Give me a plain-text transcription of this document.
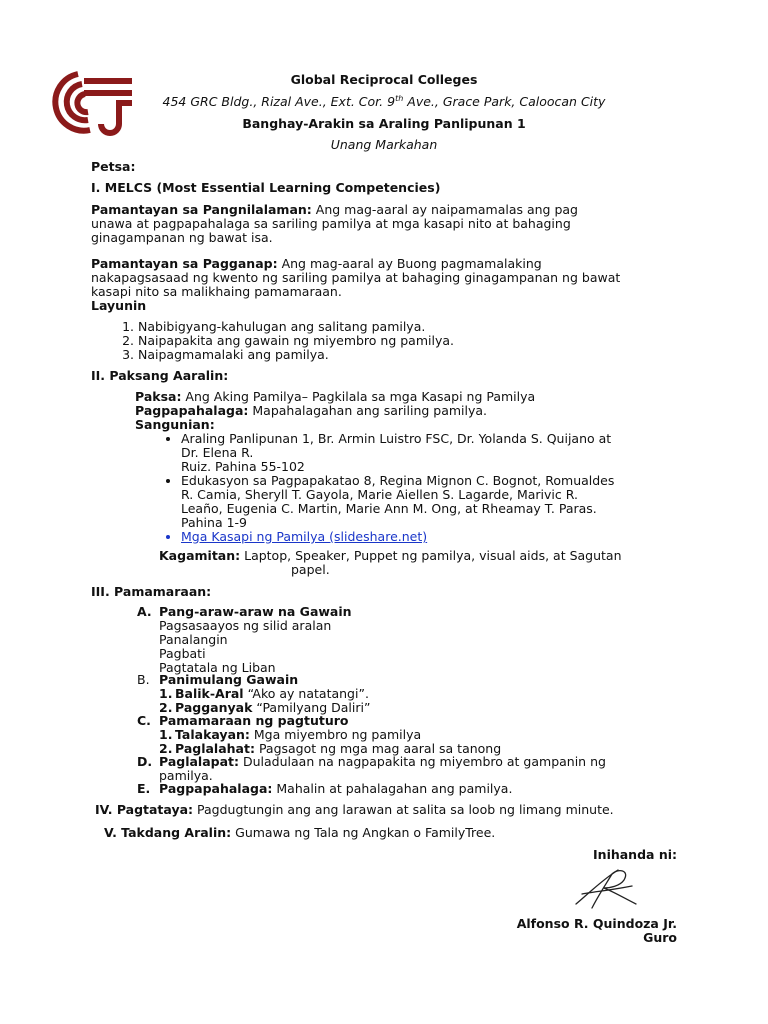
Global Reciprocal Colleges
454 GRC Bldg., Rizal Ave., Ext. Cor. 9th Ave., Grace Park, Caloocan City
Banghay-Arakin sa Araling Panlipunan 1
Unang Markahan
Petsa:
I. MELCS (Most Essential Learning Competencies)
Pamantayan sa Pangnilalaman: Ang mag-aaral ay naipamamalas ang pag
unawa at pagpapahalaga sa sariling pamilya at mga kasapi nito at bahaging
ginagampanan ng bawat isa.
Pamantayan sa Pagganap: Ang mag-aaral ay Buong pagmamalaking
nakapagsasaad ng kwento ng sariling pamilya at bahaging ginagampanan ng bawat
kasapi nito sa malikhaing pamamaraan.
Layunin
1. Nabibigyang-kahulugan ang salitang pamilya.
2. Naipapakita ang gawain ng miyembro ng pamilya.
3. Naipagmamalaki ang pamilya.
II. Paksang Aaralin:
Paksa: Ang Aking Pamilya– Pagkilala sa mga Kasapi ng Pamilya
Pagpapahalaga: Mapahalagahan ang sariling pamilya.
Sangunian:
• Araling Panlipunan 1, Br. Armin Luistro FSC, Dr. Yolanda S. Quijano at
Dr. Elena R.
Ruiz. Pahina 55-102
• Edukasyon sa Pagpapakatao 8, Regina Mignon C. Bognot, Romualdes
R. Camia, Sheryll T. Gayola, Marie Aiellen S. Lagarde, Marivic R.
Leaño, Eugenia C. Martin, Marie Ann M. Ong, at Rheamay T. Paras.
Pahina 1-9
• Mga Kasapi ng Pamilya (slideshare.net)
Kagamitan: Laptop, Speaker, Puppet ng pamilya, visual aids, at Sagutan
papel.
III. Pamamaraan:
A. Pang-araw-araw na Gawain
Pagsasaayos ng silid aralan
Panalangin
Pagbati
Pagtatala ng Liban
B. Panimulang Gawain
1. Balik-Aral “Ako ay natatangi”.
2. Pagganyak “Pamilyang Daliri”
C. Pamamaraan ng pagtuturo
1. Talakayan: Mga miyembro ng pamilya
2. Paglalahat: Pagsagot ng mga mag aaral sa tanong
D. Paglalapat: Duladulaan na nagpapakita ng miyembro at gampanin ng
pamilya.
E. Pagpapahalaga: Mahalin at pahalagahan ang pamilya.
IV. Pagtataya: Pagdugtungin ang ang larawan at salita sa loob ng limang minute.
V. Takdang Aralin: Gumawa ng Tala ng Angkan o FamilyTree.
Inihanda ni:
Alfonso R. Quindoza Jr.
Guro
